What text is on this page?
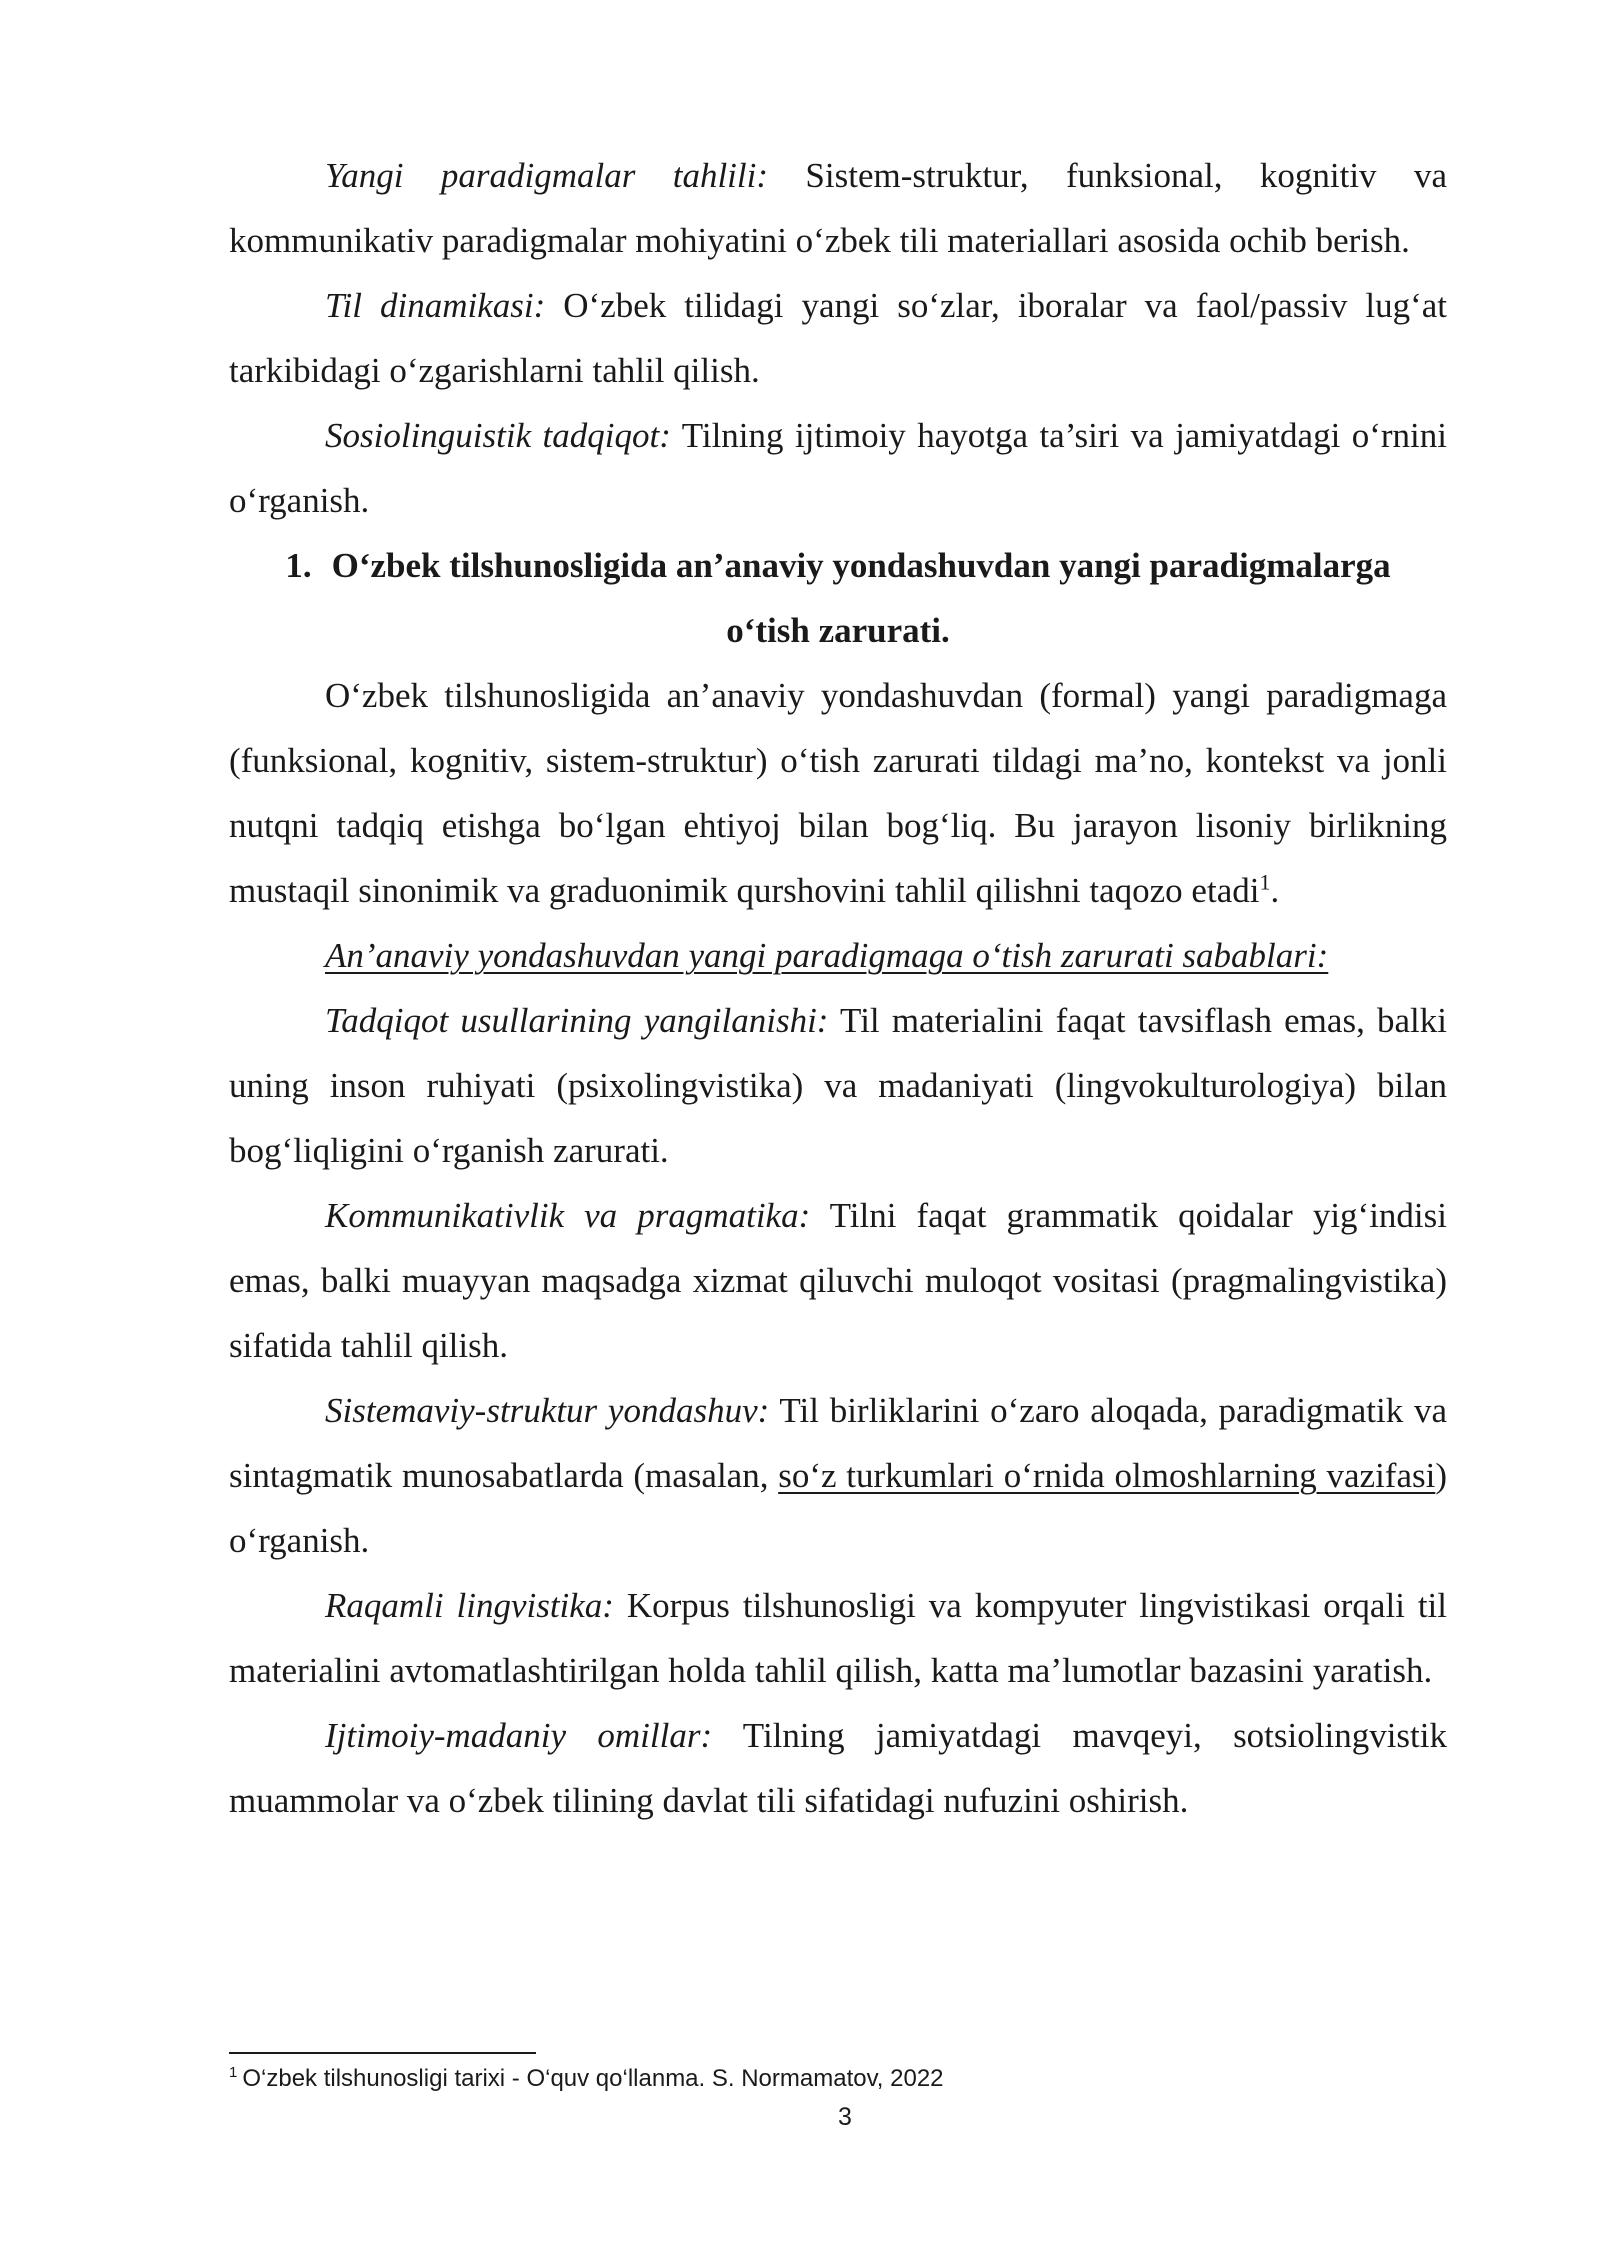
Yangi paradigmalar tahlili: Sistem-struktur, funksional, kognitiv va kommunikativ paradigmalar mohiyatini o‘zbek tili materiallari asosida ochib berish.

Til dinamikasi: O‘zbek tilidagi yangi so‘zlar, iboralar va faol/passiv lug‘at tarkibidagi o‘zgarishlarni tahlil qilish.

Sosiolinguistik tadqiqot: Tilning ijtimoiy hayotga ta’siri va jamiyatdagi o‘rnini o‘rganish.

1. O‘zbek tilshunosligida an’anaviy yondashuvdan yangi paradigmalarga
o‘tish zarurati.

O‘zbek tilshunosligida an’anaviy yondashuvdan (formal) yangi paradigmaga (funksional, kognitiv, sistem-struktur) o‘tish zarurati tildagi ma’no, kontekst va jonli nutqni tadqiq etishga bo‘lgan ehtiyoj bilan bog‘liq. Bu jarayon lisoniy birlikning mustaqil sinonimik va graduonimik qurshovini tahlil qilishni taqozo etadi$^1$.

An’anaviy yondashuvdan yangi paradigmaga o‘tish zarurati sabablari:

Tadqiqot usullarining yangilanishi: Til materialini faqat tavsiflash emas, balki uning inson ruhiyati (psixolingvistika) va madaniyati (lingvokulturologiya) bilan bog‘liqligini o‘rganish zarurati.

Kommunikativlik va pragmatika: Tilni faqat grammatik qoidalar yig‘indisi emas, balki muayyan maqsadga xizmat qiluvchi muloqot vositasi (pragmalingvistika) sifatida tahlil qilish.

Sistemaviy-struktur yondashuv: Til birliklarini o‘zaro aloqada, paradigmatik va sintagmatik munosabatlarda (masalan, so‘z turkumlari o‘rnida olmoshlarning vazifasi) o‘rganish.

Raqamli lingvistika: Korpus tilshunosligi va kompyuter lingvistikasi orqali til materialini avtomatlashtirilgan holda tahlil qilish, katta ma’lumotlar bazasini yaratish.

Ijtimoiy-madaniy omillar: Tilning jamiyatdagi mavqeyi, sotsiolingvistik muammolar va o‘zbek tilining davlat tili sifatidagi nufuzini oshirish.

$^1$ O‘zbek tilshunosligi tarixi - O‘quv qo‘llanma. S. Normamatov, 2022
3
